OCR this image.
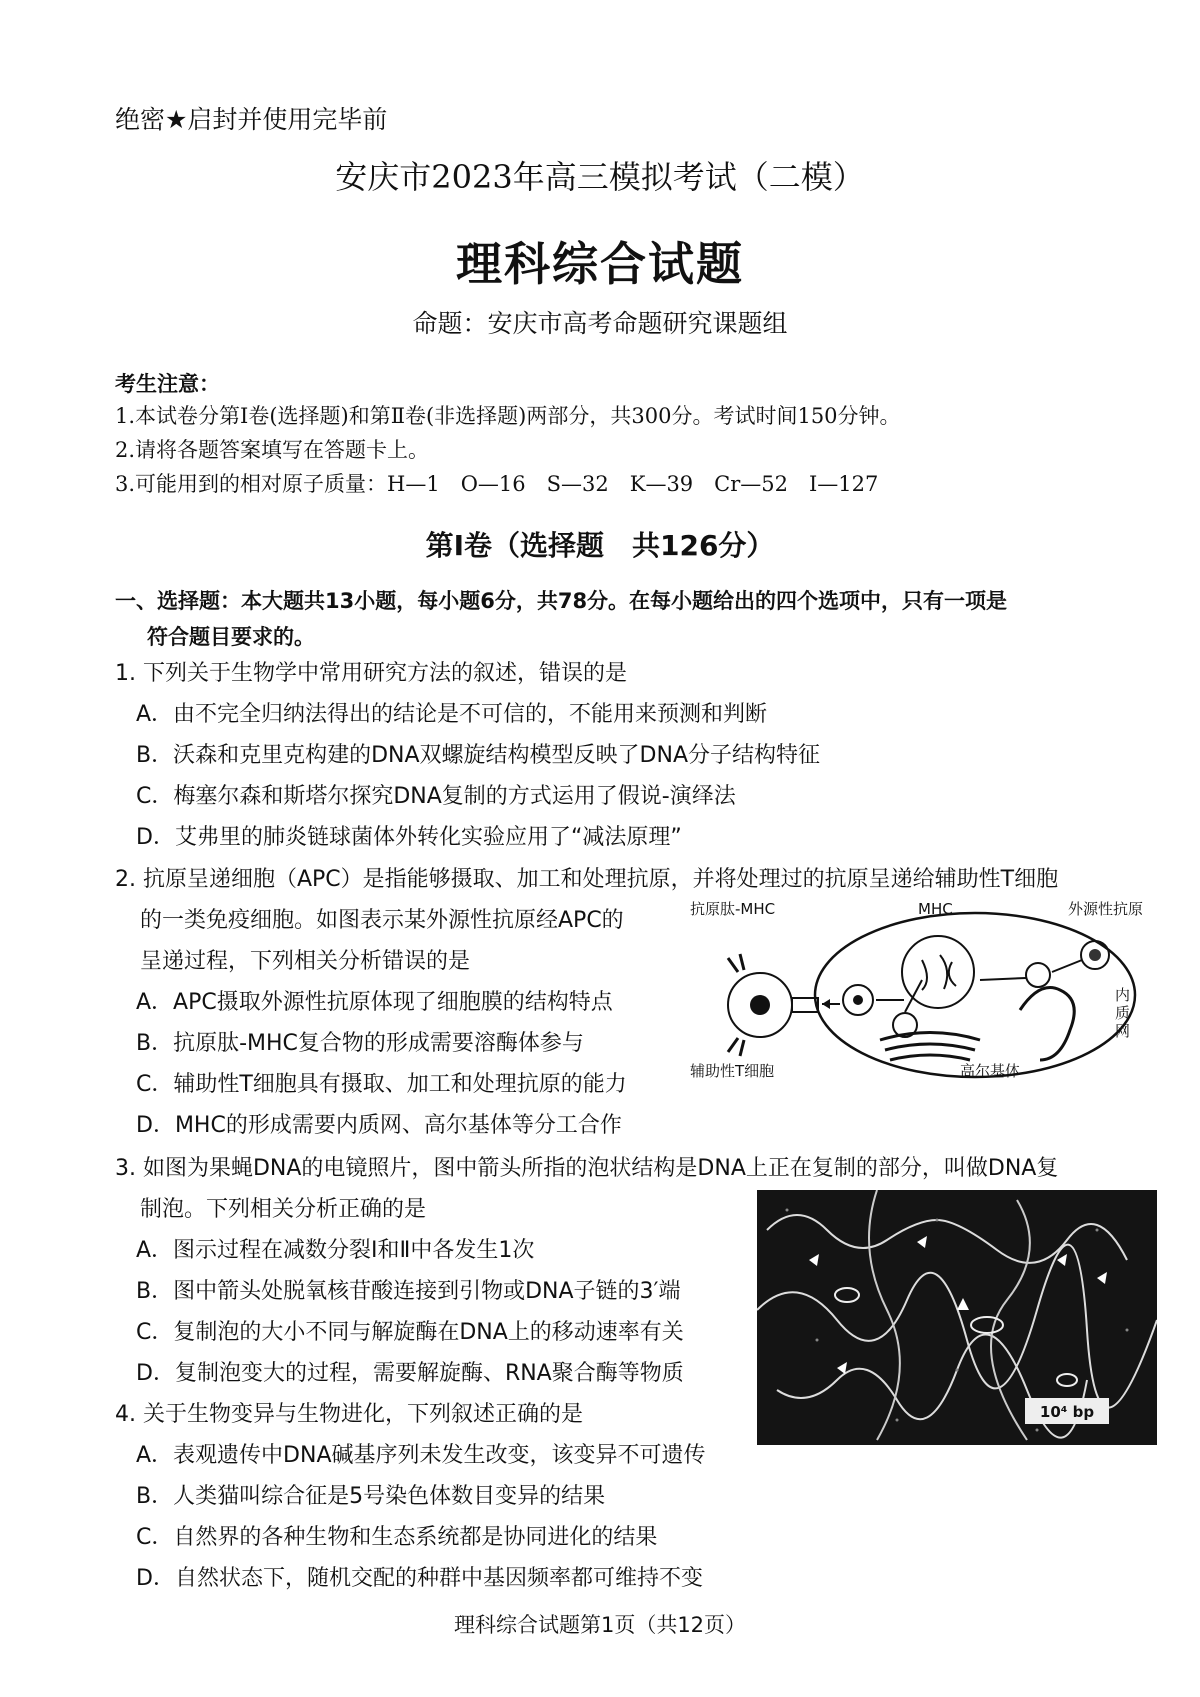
绝密★启封并使用完毕前
安庆市2023年高三模拟考试（二模）
理科综合试题
命题：安庆市高考命题研究课题组
考生注意：
1.本试卷分第Ⅰ卷(选择题)和第Ⅱ卷(非选择题)两部分，共300分。考试时间150分钟。
2.请将各题答案填写在答题卡上。
3.可能用到的相对原子质量：H—1　O—16　S—32　K—39　Cr—52　I—127
第Ⅰ卷（选择题　共126分）
一、选择题：本大题共13小题，每小题6分，共78分。在每小题给出的四个选项中，只有一项是
符合题目要求的。
1. 下列关于生物学中常用研究方法的叙述，错误的是
A．由不完全归纳法得出的结论是不可信的，不能用来预测和判断
B．沃森和克里克构建的DNA双螺旋结构模型反映了DNA分子结构特征
C．梅塞尔森和斯塔尔探究DNA复制的方式运用了假说-演绎法
D．艾弗里的肺炎链球菌体外转化实验应用了“减法原理”
2. 抗原呈递细胞（APC）是指能够摄取、加工和处理抗原，并将处理过的抗原呈递给辅助性T细胞
的一类免疫细胞。如图表示某外源性抗原经APC的
呈递过程，下列相关分析错误的是
A．APC摄取外源性抗原体现了细胞膜的结构特点
B．抗原肽-MHC复合物的形成需要溶酶体参与
C．辅助性T细胞具有摄取、加工和处理抗原的能力
D．MHC的形成需要内质网、高尔基体等分工合作
抗原肽-MHC	MHC	外源性抗原
内
质
网
辅助性T细胞	高尔基体
3. 如图为果蝇DNA的电镜照片，图中箭头所指的泡状结构是DNA上正在复制的部分，叫做DNA复
制泡。下列相关分析正确的是
A．图示过程在减数分裂Ⅰ和Ⅱ中各发生1次
B．图中箭头处脱氧核苷酸连接到引物或DNA子链的3′端
C．复制泡的大小不同与解旋酶在DNA上的移动速率有关
D．复制泡变大的过程，需要解旋酶、RNA聚合酶等物质
10⁴ bp
4. 关于生物变异与生物进化，下列叙述正确的是
A．表观遗传中DNA碱基序列未发生改变，该变异不可遗传
B．人类猫叫综合征是5号染色体数目变异的结果
C．自然界的各种生物和生态系统都是协同进化的结果
D．自然状态下，随机交配的种群中基因频率都可维持不变
理科综合试题第1页（共12页）
